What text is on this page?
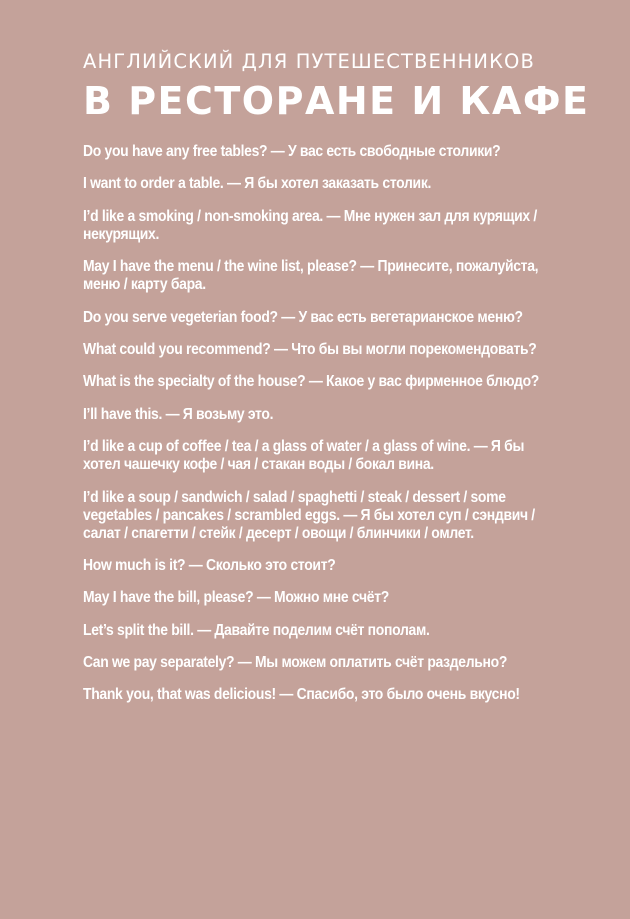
АНГЛИЙСКИЙ ДЛЯ ПУТЕШЕСТВЕННИКОВ
В РЕСТОРАНЕ И КАФЕ
Do you have any free tables? — У вас есть свободные столики?
I want to order a table. — Я бы хотел заказать столик.
I’d like a smoking / non-smoking area. — Мне нужен зал для курящих / некурящих.
May I have the menu / the wine list, please? — Принесите, пожалуйста, меню / карту бара.
Do you serve vegeterian food? — У вас есть вегетарианское меню?
What could you recommend? — Что бы вы могли порекомендовать?
What is the specialty of the house? — Какое у вас фирменное блюдо?
I’ll have this. — Я возьму это.
I’d like a cup of coffee / tea / a glass of water / a glass of wine. — Я бы хотел чашечку кофе / чая / стакан воды / бокал вина.
I’d like a soup / sandwich / salad / spaghetti / steak / dessert / some vegetables / pancakes / scrambled eggs. — Я бы хотел суп / сэндвич / салат / спагетти / стейк / десерт / овощи / блинчики / омлет.
How much is it? — Сколько это стоит?
May I have the bill, please? — Можно мне счёт?
Let’s split the bill. — Давайте поделим счёт пополам.
Can we pay separately? — Мы можем оплатить счёт раздельно?
Thank you, that was delicious! — Спасибо, это было очень вкусно!
